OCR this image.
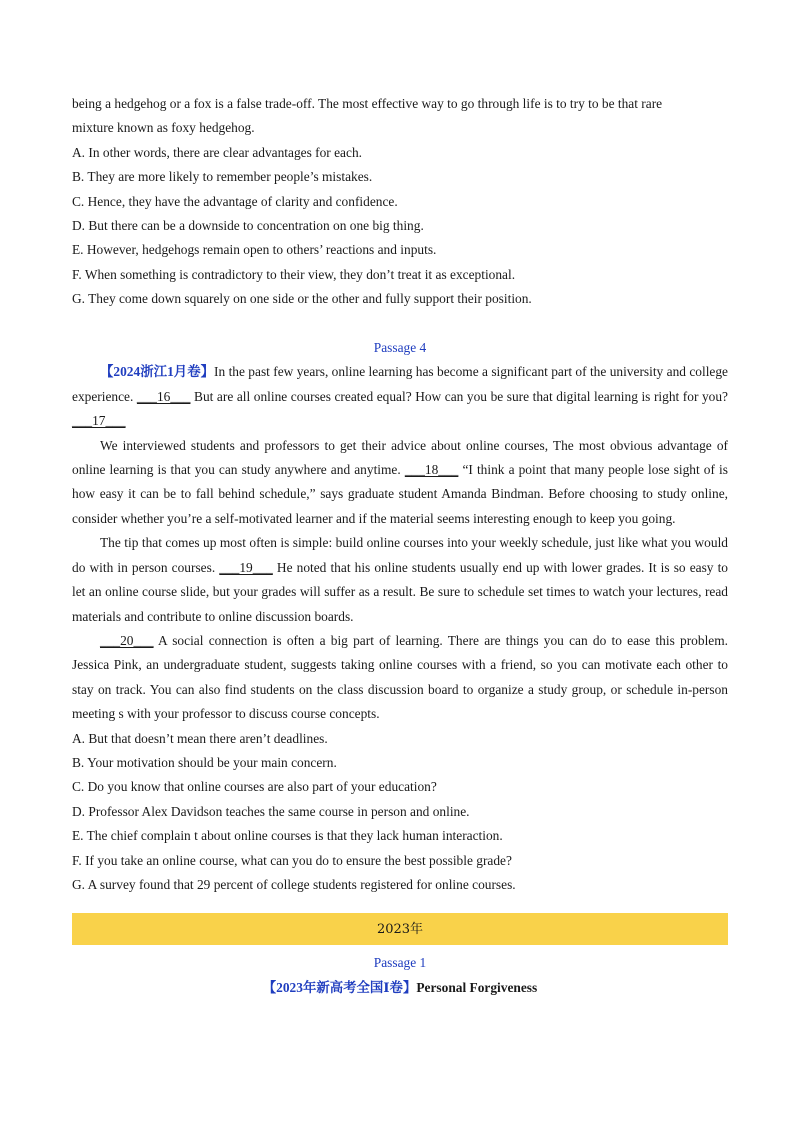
being a hedgehog or a fox is a false trade-off. The most effective way to go through life is to try to be that rare
mixture known as foxy hedgehog.
A. In other words, there are clear advantages for each.
B. They are more likely to remember people’s mistakes.
C. Hence, they have the advantage of clarity and confidence.
D. But there can be a downside to concentration on one big thing.
E. However, hedgehogs remain open to others’ reactions and inputs.
F. When something is contradictory to their view, they don’t treat it as exceptional.
G. They come down squarely on one side or the other and fully support their position.
Passage 4
【2024浙江1月卷】In the past few years, online learning has become a significant part of the university and college experience. ___16___ But are all online courses created equal? How can you be sure that digital learning is right for you? ___17___
We interviewed students and professors to get their advice about online courses, The most obvious advantage of online learning is that you can study anywhere and anytime. ___18___ “I think a point that many people lose sight of is how easy it can be to fall behind schedule,” says graduate student Amanda Bindman. Before choosing to study online, consider whether you’re a self-motivated learner and if the material seems interesting enough to keep you going.
The tip that comes up most often is simple: build online courses into your weekly schedule, just like what you would do with in person courses. ___19___ He noted that his online students usually end up with lower grades. It is so easy to let an online course slide, but your grades will suffer as a result. Be sure to schedule set times to watch your lectures, read materials and contribute to online discussion boards.
___20___ A social connection is often a big part of learning. There are things you can do to ease this problem. Jessica Pink, an undergraduate student, suggests taking online courses with a friend, so you can motivate each other to stay on track. You can also find students on the class discussion board to organize a study group, or schedule in-person meeting s with your professor to discuss course concepts.
A. But that doesn’t mean there aren’t deadlines.
B. Your motivation should be your main concern.
C. Do you know that online courses are also part of your education?
D. Professor Alex Davidson teaches the same course in person and online.
E. The chief complain t about online courses is that they lack human interaction.
F. If you take an online course, what can you do to ensure the best possible grade?
G. A survey found that 29 percent of college students registered for online courses.
2023年
Passage 1
【2023年新高考全国Ⅰ卷】Personal Forgiveness
